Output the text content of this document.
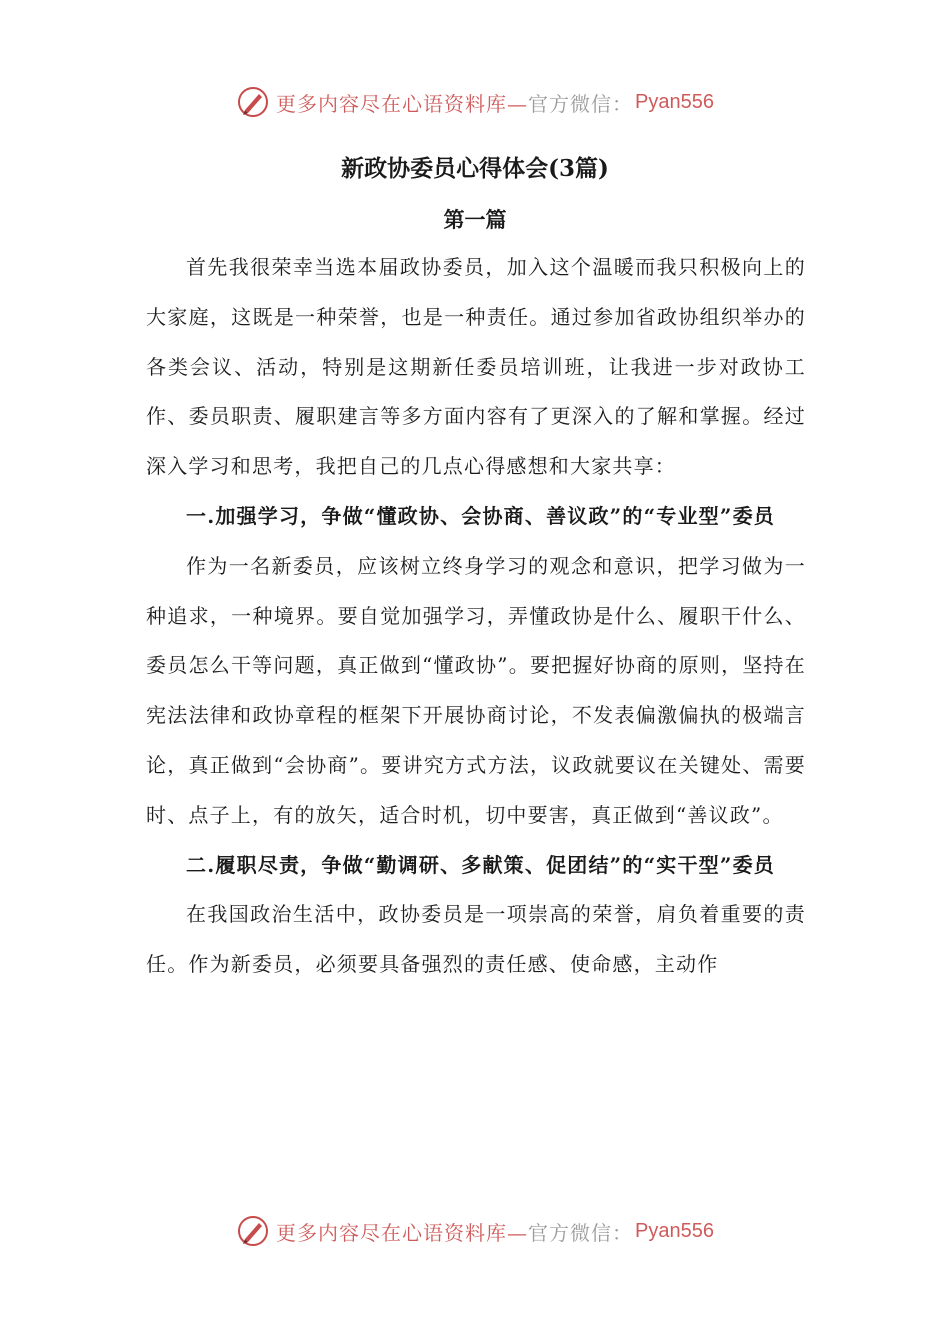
更多内容尽在心语资料库— 官方微信： Pyan556
新政协委员心得体会(3篇)
第一篇

首先我很荣幸当选本届政协委员，加入这个温暖而我只积极向上的大家庭，这既是一种荣誉，也是一种责任。通过参加省政协组织举办的各类会议、活动，特别是这期新任委员培训班，让我进一步对政协工作、委员职责、履职建言等多方面内容有了更深入的了解和掌握。经过深入学习和思考，我把自己的几点心得感想和大家共享：

一.加强学习，争做“懂政协、会协商、善议政”的“专业型”委员

作为一名新委员，应该树立终身学习的观念和意识，把学习做为一种追求，一种境界。要自觉加强学习，弄懂政协是什么、履职干什么、委员怎么干等问题，真正做到“懂政协”。要把握好协商的原则，坚持在宪法法律和政协章程的框架下开展协商讨论，不发表偏激偏执的极端言论，真正做到“会协商”。要讲究方式方法，议政就要议在关键处、需要时、点子上，有的放矢，适合时机，切中要害，真正做到“善议政”。

二.履职尽责，争做“勤调研、多献策、促团结”的“实干型”委员

在我国政治生活中，政协委员是一项崇高的荣誉，肩负着重要的责任。作为新委员，必须要具备强烈的责任感、使命感，主动作

更多内容尽在心语资料库— 官方微信： Pyan556
